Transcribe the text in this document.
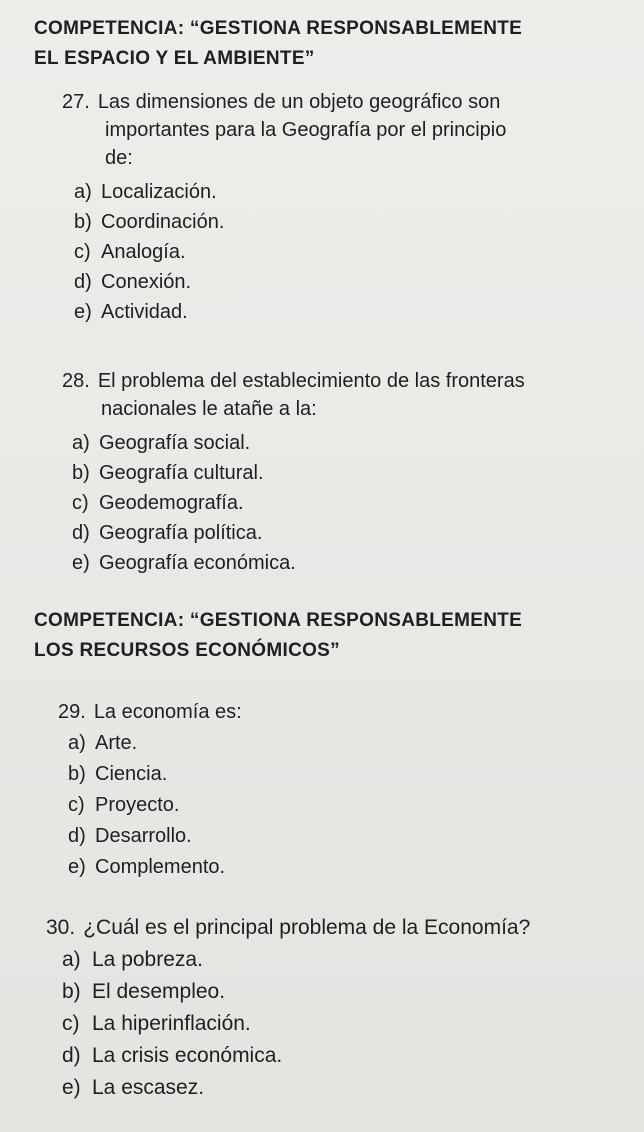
COMPETENCIA: “GESTIONA RESPONSABLEMENTE
EL ESPACIO Y EL AMBIENTE”
27. Las dimensiones de un objeto geográfico son
importantes para la Geografía por el principio
de:
a) Localización.
b) Coordinación.
c) Analogía.
d) Conexión.
e) Actividad.
28. El problema del establecimiento de las fronteras
nacionales le atañe a la:
a) Geografía social.
b) Geografía cultural.
c) Geodemografía.
d) Geografía política.
e) Geografía económica.
COMPETENCIA: “GESTIONA RESPONSABLEMENTE
LOS RECURSOS ECONÓMICOS”
29. La economía es:
a) Arte.
b) Ciencia.
c) Proyecto.
d) Desarrollo.
e) Complemento.
30. ¿Cuál es el principal problema de la Economía?
a) La pobreza.
b) El desempleo.
c) La hiperinflación.
d) La crisis económica.
e) La escasez.
